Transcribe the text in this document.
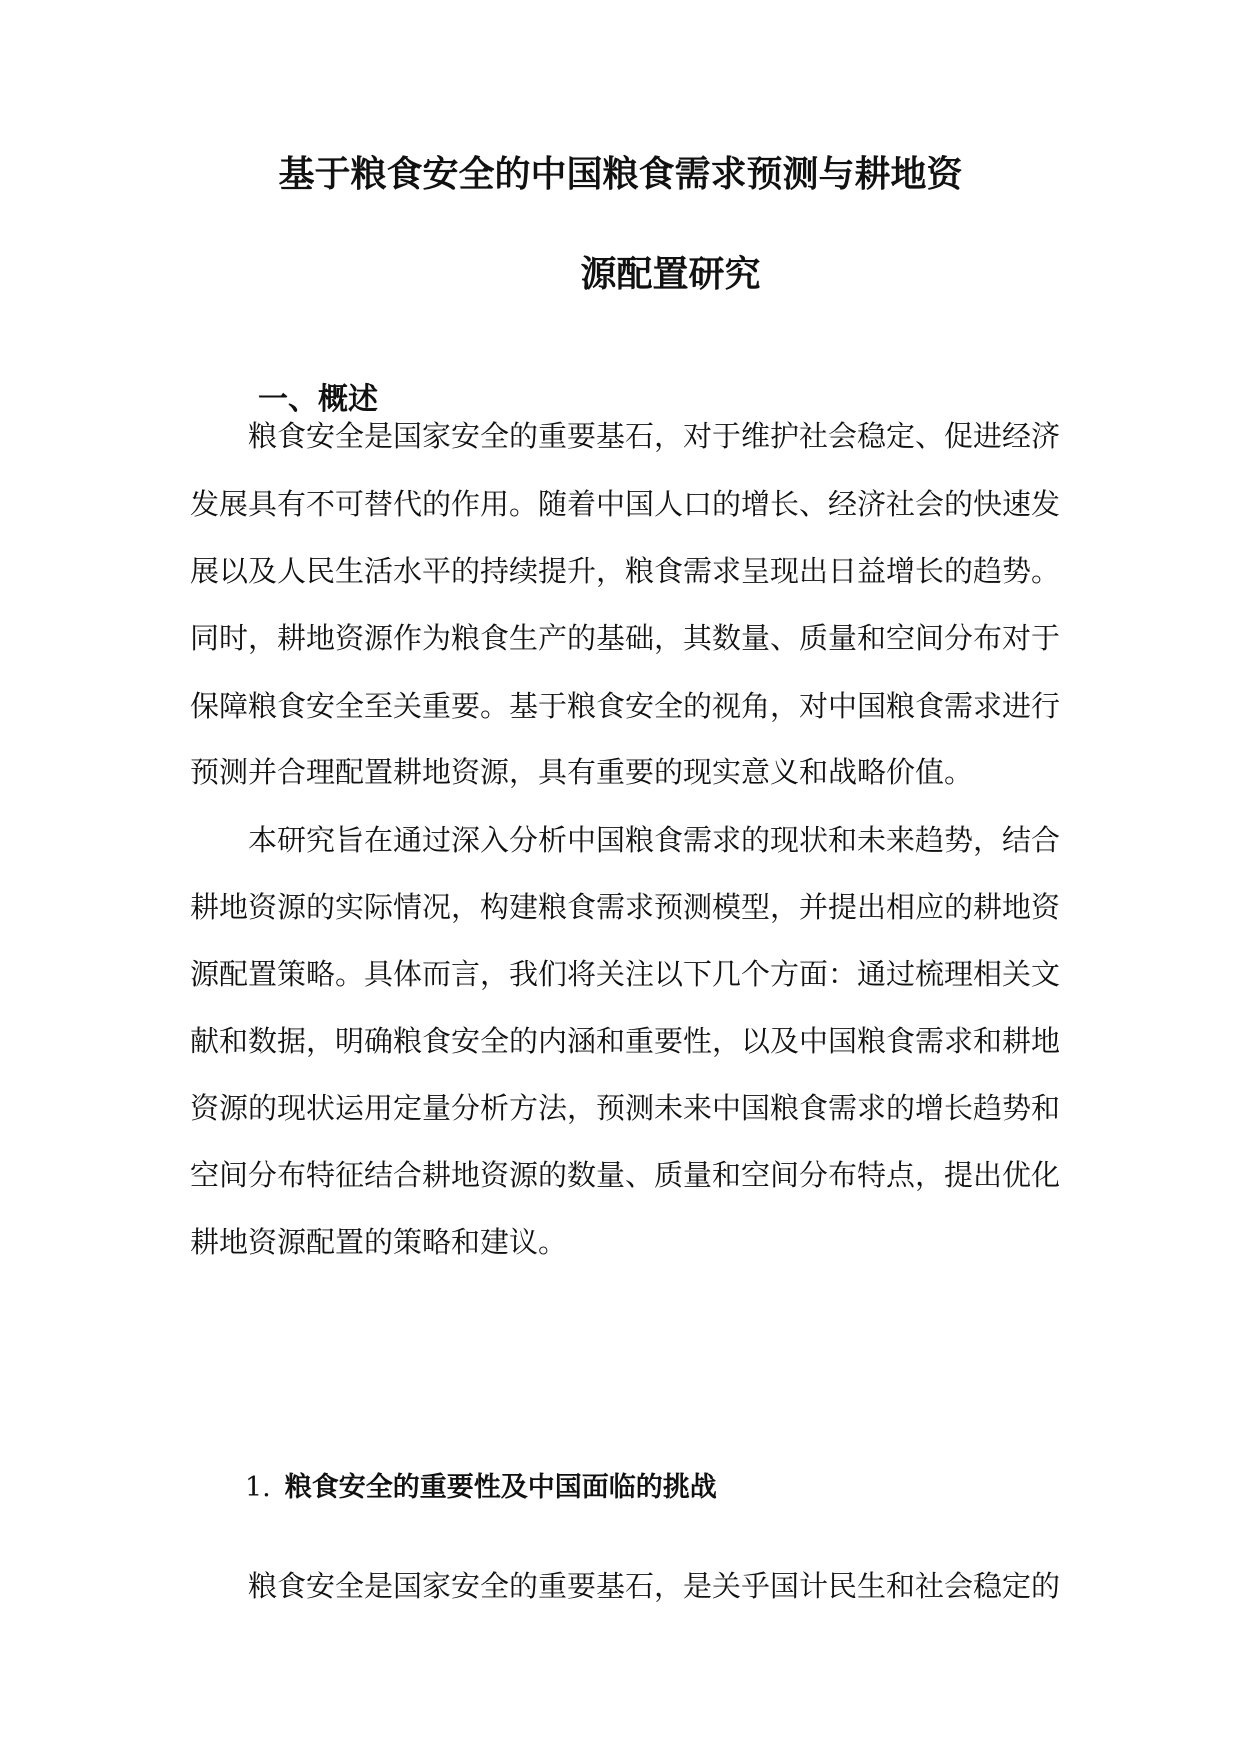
基于粮食安全的中国粮食需求预测与耕地资
源配置研究
一、概述
粮食安全是国家安全的重要基石，对于维护社会稳定、促进经济
发展具有不可替代的作用。随着中国人口的增长、经济社会的快速发
展以及人民生活水平的持续提升，粮食需求呈现出日益增长的趋势。
同时，耕地资源作为粮食生产的基础，其数量、质量和空间分布对于
保障粮食安全至关重要。基于粮食安全的视角，对中国粮食需求进行
预测并合理配置耕地资源，具有重要的现实意义和战略价值。
本研究旨在通过深入分析中国粮食需求的现状和未来趋势，结合
耕地资源的实际情况，构建粮食需求预测模型，并提出相应的耕地资
源配置策略。具体而言，我们将关注以下几个方面：通过梳理相关文
献和数据，明确粮食安全的内涵和重要性，以及中国粮食需求和耕地
资源的现状运用定量分析方法，预测未来中国粮食需求的增长趋势和
空间分布特征结合耕地资源的数量、质量和空间分布特点，提出优化
耕地资源配置的策略和建议。
1. 粮食安全的重要性及中国面临的挑战
粮食安全是国家安全的重要基石，是关乎国计民生和社会稳定的
